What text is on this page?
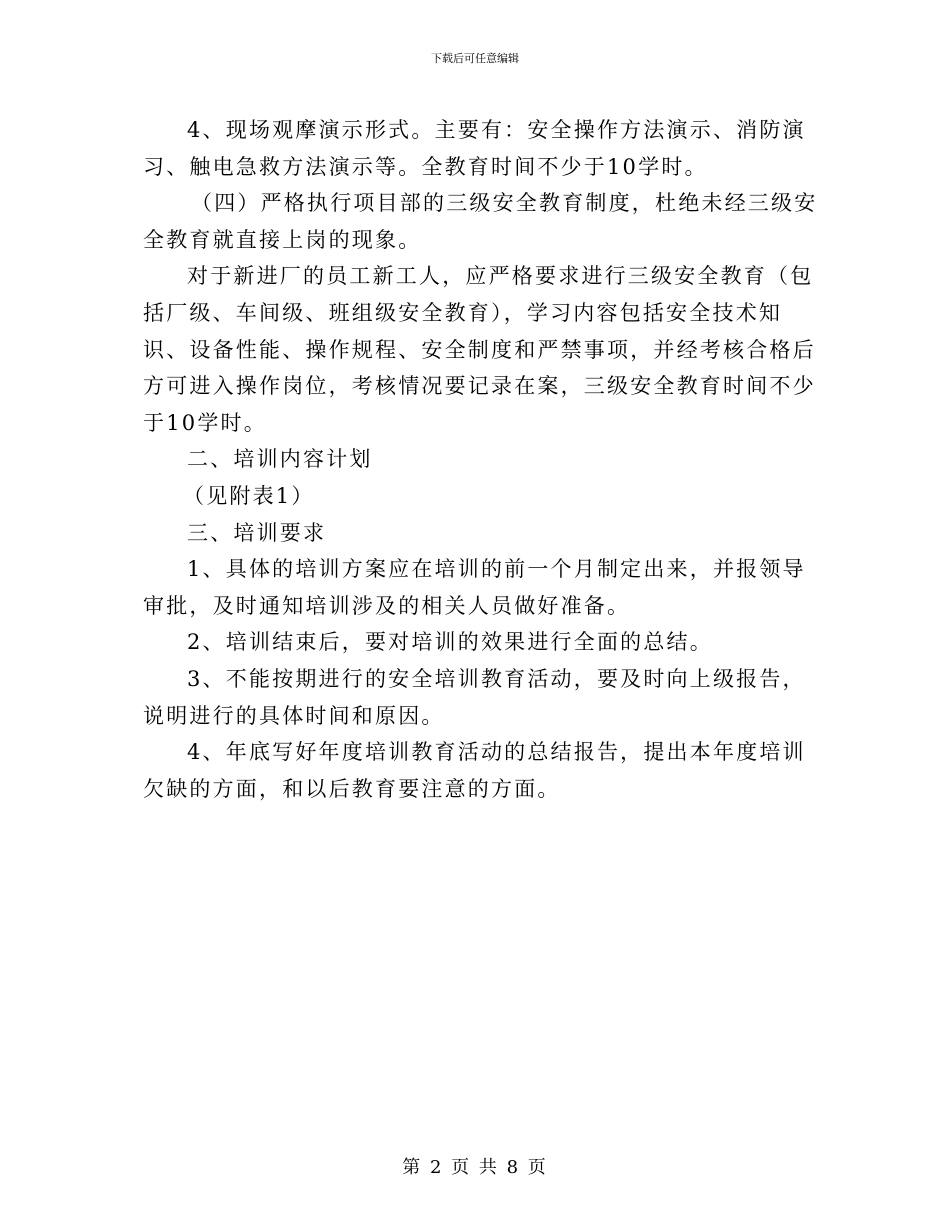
下载后可任意编辑

4、现场观摩演示形式。主要有：安全操作方法演示、消防演习、触电急救方法演示等。全教育时间不少于10学时。

（四）严格执行项目部的三级安全教育制度，杜绝未经三级安全教育就直接上岗的现象。

对于新进厂的员工新工人，应严格要求进行三级安全教育（包括厂级、车间级、班组级安全教育），学习内容包括安全技术知识、设备性能、操作规程、安全制度和严禁事项，并经考核合格后方可进入操作岗位，考核情况要记录在案，三级安全教育时间不少于10学时。

二、培训内容计划

（见附表1）

三、培训要求

1、具体的培训方案应在培训的前一个月制定出来，并报领导审批，及时通知培训涉及的相关人员做好准备。

2、培训结束后，要对培训的效果进行全面的总结。

3、不能按期进行的安全培训教育活动，要及时向上级报告，说明进行的具体时间和原因。

4、年底写好年度培训教育活动的总结报告，提出本年度培训欠缺的方面，和以后教育要注意的方面。

第 2 页 共 8 页
